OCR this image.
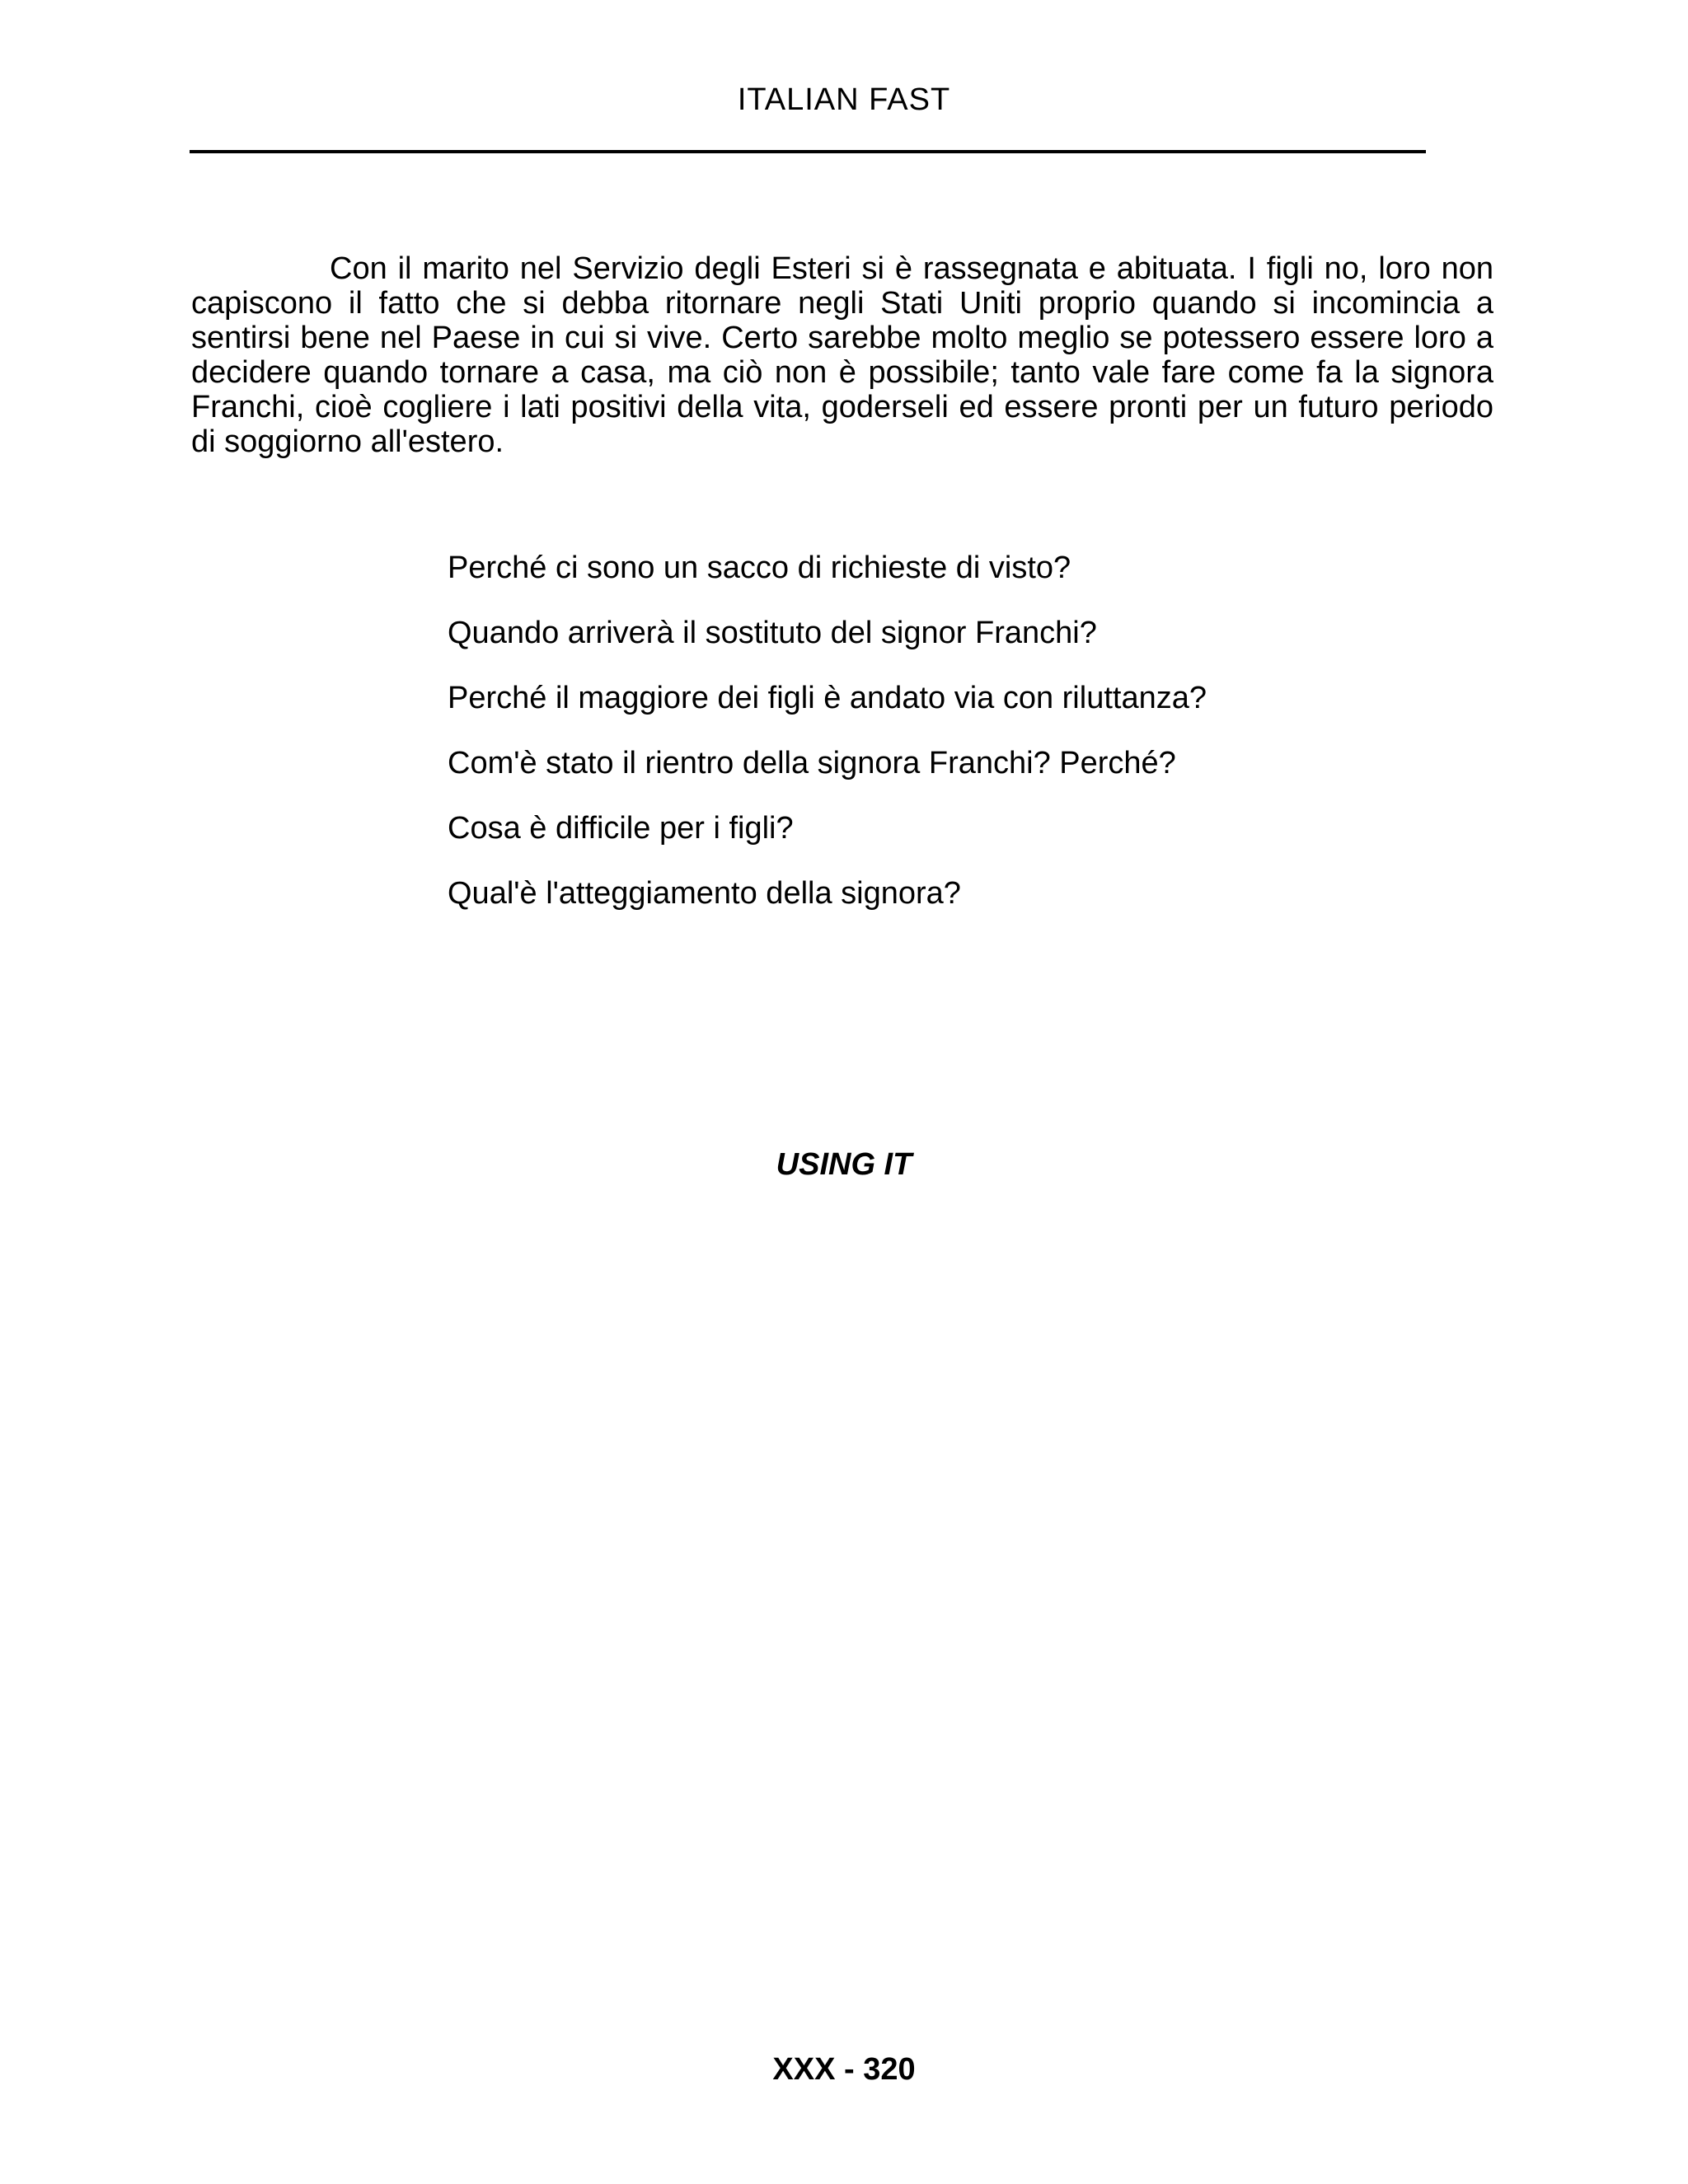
ITALIAN FAST

Con il marito nel Servizio degli Esteri si è rassegnata e abituata. I figli no, loro non capiscono il fatto che si debba ritornare negli Stati Uniti proprio quando si incomincia a sentirsi bene nel Paese in cui si vive. Certo sarebbe molto meglio se potessero essere loro a decidere quando tornare a casa, ma ciò non è possibile; tanto vale fare come fa la signora Franchi, cioè cogliere i lati positivi della vita, goderseli ed essere pronti per un futuro periodo di soggiorno all'estero.

Perché ci sono un sacco di richieste di visto?
Quando arriverà il sostituto del signor Franchi?
Perché il maggiore dei figli è andato via con riluttanza?
Com'è stato il rientro della signora Franchi? Perché?
Cosa è difficile per i figli?
Qual'è l'atteggiamento della signora?
USING IT
XXX - 320
